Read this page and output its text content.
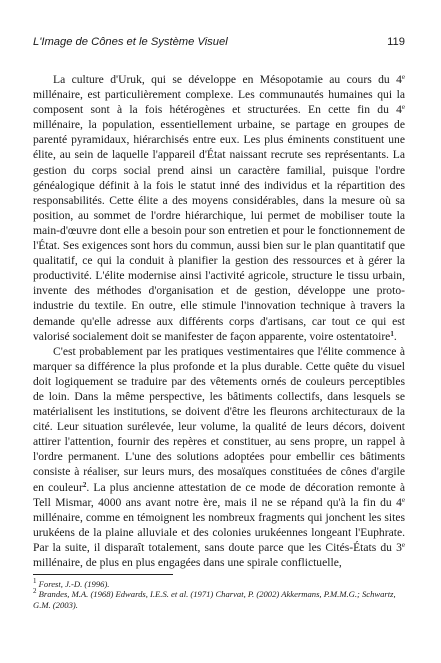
L'Image de Cônes et le Système Visuel	119

La culture d'Uruk, qui se développe en Mésopotamie au cours du 4e millénaire, est particulièrement complexe. Les communautés humaines qui la composent sont à la fois hétérogènes et structurées. En cette fin du 4e millénaire, la population, essentiellement urbaine, se partage en groupes de parenté pyramidaux, hiérarchisés entre eux. Les plus éminents constituent une élite, au sein de laquelle l'appareil d'État naissant recrute ses représentants. La gestion du corps social prend ainsi un caractère familial, puisque l'ordre généalogique définit à la fois le statut inné des individus et la répartition des responsabilités. Cette élite a des moyens considérables, dans la mesure où sa position, au sommet de l'ordre hiérarchique, lui permet de mobiliser toute la main-d'œuvre dont elle a besoin pour son entretien et pour le fonctionnement de l'État. Ses exigences sont hors du commun, aussi bien sur le plan quantitatif que qualitatif, ce qui la conduit à planifier la gestion des ressources et à gérer la productivité. L'élite modernise ainsi l'activité agricole, structure le tissu urbain, invente des méthodes d'organisation et de gestion, développe une proto-industrie du textile. En outre, elle stimule l'innovation technique à travers la demande qu'elle adresse aux différents corps d'artisans, car tout ce qui est valorisé socialement doit se manifester de façon apparente, voire ostentatoire$^1$.

C'est probablement par les pratiques vestimentaires que l'élite commence à marquer sa différence la plus profonde et la plus durable. Cette quête du visuel doit logiquement se traduire par des vêtements ornés de couleurs perceptibles de loin. Dans la même perspective, les bâtiments collectifs, dans lesquels se matérialisent les institutions, se doivent d'être les fleurons architecturaux de la cité. Leur situation surélevée, leur volume, la qualité de leurs décors, doivent attirer l'attention, fournir des repères et constituer, au sens propre, un rappel à l'ordre permanent. L'une des solutions adoptées pour embellir ces bâtiments consiste à réaliser, sur leurs murs, des mosaïques constituées de cônes d'argile en couleur$^2$. La plus ancienne attestation de ce mode de décoration remonte à Tell Mismar, 4000 ans avant notre ère, mais il ne se répand qu'à la fin du 4e millénaire, comme en témoignent les nombreux fragments qui jonchent les sites urukéens de la plaine alluviale et des colonies urukéennes longeant l'Euphrate. Par la suite, il disparaît totalement, sans doute parce que les Cités-États du 3e millénaire, de plus en plus engagées dans une spirale conflictuelle,

$^1$ Forest, J.-D. (1996).

$^2$ Brandes, M.A. (1968) Edwards, I.E.S. et al. (1971) Charvat, P. (2002) Akkermans, P.M.M.G.; Schwartz, G.M. (2003).
